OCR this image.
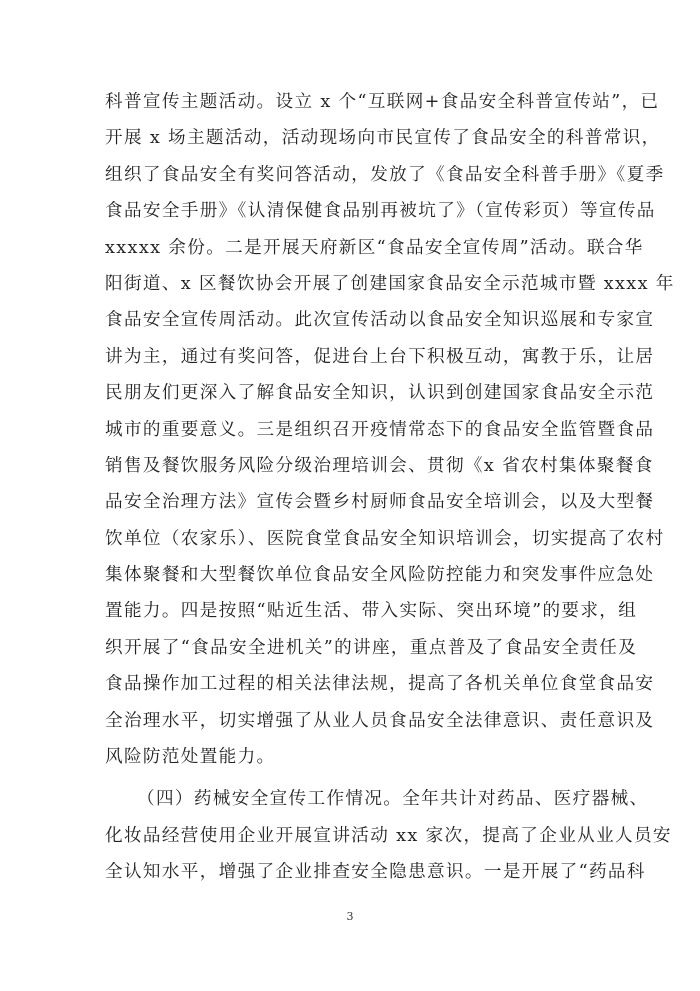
科普宣传主题活动。设立 x 个“互联网+食品安全科普宣传站”，已
开展 x 场主题活动，活动现场向市民宣传了食品安全的科普常识，
组织了食品安全有奖问答活动，发放了《食品安全科普手册》《夏季
食品安全手册》《认清保健食品别再被坑了》（宣传彩页）等宣传品
xxxxx 余份。二是开展天府新区“食品安全宣传周”活动。联合华
阳街道、x 区餐饮协会开展了创建国家食品安全示范城市暨 xxxx 年
食品安全宣传周活动。此次宣传活动以食品安全知识巡展和专家宣
讲为主，通过有奖问答，促进台上台下积极互动，寓教于乐，让居
民朋友们更深入了解食品安全知识，认识到创建国家食品安全示范
城市的重要意义。三是组织召开疫情常态下的食品安全监管暨食品
销售及餐饮服务风险分级治理培训会、贯彻《x 省农村集体聚餐食
品安全治理方法》宣传会暨乡村厨师食品安全培训会，以及大型餐
饮单位（农家乐）、医院食堂食品安全知识培训会，切实提高了农村
集体聚餐和大型餐饮单位食品安全风险防控能力和突发事件应急处
置能力。四是按照“贴近生活、带入实际、突出环境”的要求，组
织开展了“食品安全进机关”的讲座，重点普及了食品安全责任及
食品操作加工过程的相关法律法规，提高了各机关单位食堂食品安
全治理水平，切实增强了从业人员食品安全法律意识、责任意识及
风险防范处置能力。
（四）药械安全宣传工作情况。全年共计对药品、医疗器械、
化妆品经营使用企业开展宣讲活动 xx 家次，提高了企业从业人员安
全认知水平，增强了企业排查安全隐患意识。一是开展了“药品科
3
